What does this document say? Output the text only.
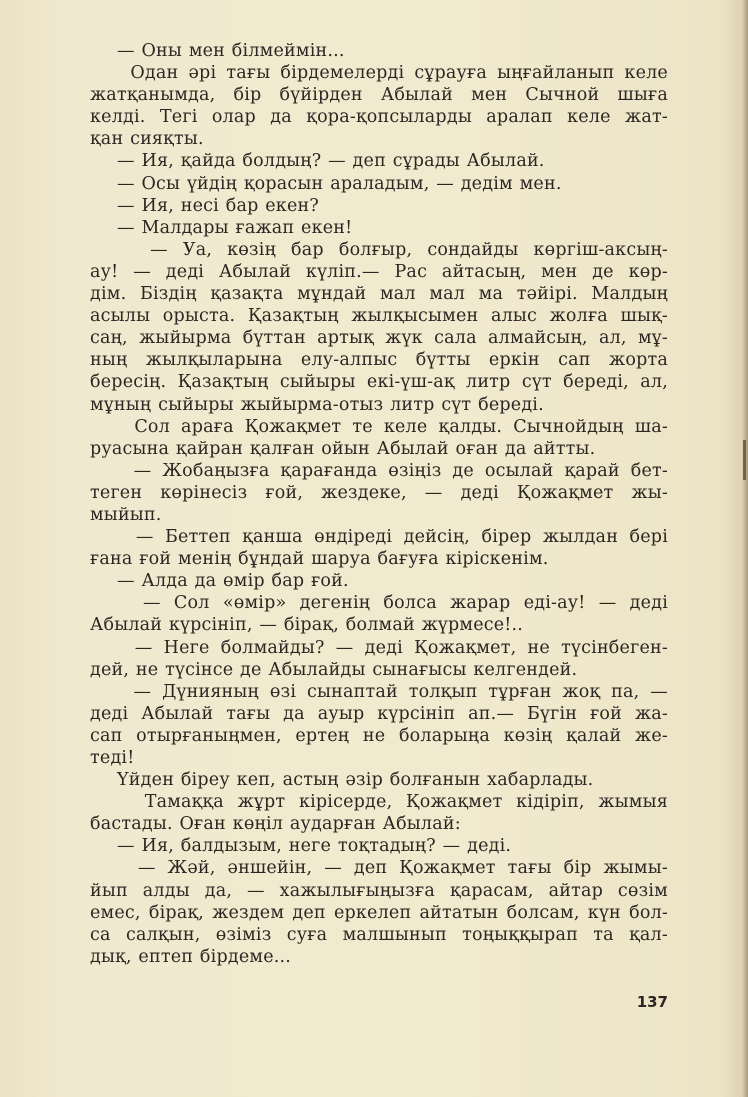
— Оны мен білмеймін...
Одан әрі тағы бірдемелерді сұрауға ыңғайланып келе
жатқанымда, бір бүйірден Абылай мен Сычной шыға
келді. Тегі олар да қора-қопсыларды аралап келе жат-
қан сияқты.
— Ия, қайда болдың? — деп сұрады Абылай.
— Осы үйдің қорасын араладым, — дедім мен.
— Ия, несі бар екен?
— Малдары ғажап екен!
— Уа, көзің бар болғыр, сондайды көргіш-аксың-
ау! — деді Абылай күліп.— Рас айтасың, мен де көр-
дім. Біздің қазақта мұндай мал мал ма тәйірі. Малдың
асылы орыста. Қазақтың жылқысымен алыс жолға шық-
саң, жыйырма бүттан артық жүк сала алмайсың, ал, мұ-
ның жылқыларына елу-алпыс бүтты еркін сап жорта
бересің. Қазақтың сыйыры екі-үш-ақ литр сүт береді, ал,
мұның сыйыры жыйырма-отыз литр сүт береді.
Сол араға Қожақмет те келе қалды. Сычнойдың ша-
руасына қайран қалған ойын Абылай оған да айтты.
— Жобаңызға қарағанда өзіңіз де осылай қарай бет-
теген көрінесіз ғой, жездеке, — деді Қожақмет жы-
мыйып.
— Беттеп қанша өндіреді дейсің, бірер жылдан бері
ғана ғой менің бұндай шаруа бағуға кіріскенім.
— Алда да өмір бар ғой.
— Сол «өмір» дегенің болса жарар еді-ау! — деді
Абылай күрсініп, — бірақ, болмай жүрмесе!..
— Неге болмайды? — деді Қожақмет, не түсінбеген-
дей, не түсінсе де Абылайды сынағысы келгендей.
— Дүнияның өзі сынаптай толқып тұрған жоқ па, —
деді Абылай тағы да ауыр күрсініп ап.— Бүгін ғой жа-
сап отырғаныңмен, ертең не боларыңа көзің қалай же-
теді!
Үйден біреу кеп, астың әзір болғанын хабарлады.
Тамаққа жұрт кірісерде, Қожақмет кідіріп, жымыя
бастады. Оған көңіл аударған Абылай:
— Ия, балдызым, неге тоқтадың? — деді.
— Жәй, әншейін, — деп Қожақмет тағы бір жымы-
йып алды да, — хажылығыңызға қарасам, айтар сөзім
емес, бірақ, жездем деп еркелеп айтатын болсам, күн бол-
са салқын, өзіміз суға малшынып тоңыққырап та қал-
дық, ептеп бірдеме...
137
